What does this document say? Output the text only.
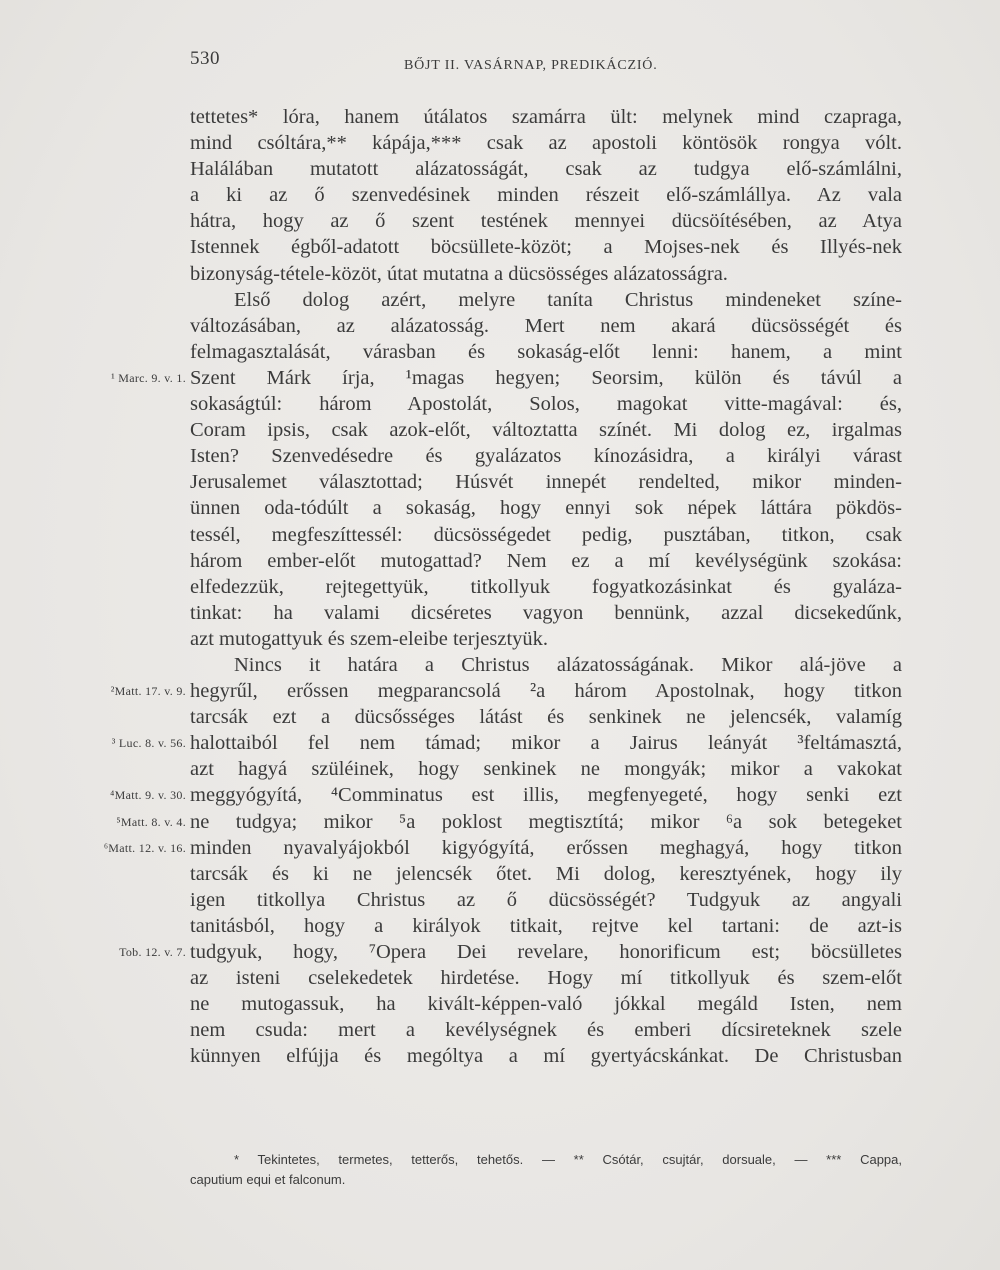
530	BŐJT II. VASÁRNAP, PREDIKÁCZIÓ.
tettetes* lóra, hanem útálatos szamárra ült: melynek mind czapraga,
mind csóltára,** kápája,*** csak az apostoli köntösök rongya vólt.
Halálában mutatott alázatosságát, csak az tudgya elő-számlálni,
a ki az ő szenvedésinek minden részeit elő-számlállya. Az vala
hátra, hogy az ő szent testének mennyei dücsöítésében, az Atya
Istennek égből-adatott böcsüllete-közöt; a Mojses-nek és Illyés-nek
bizonyság-tétele-közöt, útat mutatna a dücsösséges alázatosságra.
Első dolog azért, melyre taníta Christus mindeneket színe-
változásában, az alázatosság. Mert nem akará dücsösségét és
felmagasztalását, várasban és sokaság-előt lenni: hanem, a mint
Szent Márk írja, ¹magas hegyen; Seorsim, külön és távúl a
¹ Marc. 9. v. 1.
sokaságtúl: három Apostolát, Solos, magokat vitte-magával: és,
Coram ipsis, csak azok-előt, változtatta színét. Mi dolog ez, irgalmas
Isten? Szenvedésedre és gyalázatos kínozásidra, a királyi várast
Jerusalemet választottad; Húsvét innepét rendelted, mikor minden-
ünnen oda-tódúlt a sokaság, hogy ennyi sok népek láttára pökdös-
tessél, megfeszíttessél: dücsösségedet pedig, pusztában, titkon, csak
három ember-előt mutogattad? Nem ez a mí kevélységünk szokása:
elfedezzük, rejtegettyük, titkollyuk fogyatkozásinkat és gyaláza-
tinkat: ha valami dicséretes vagyon bennünk, azzal dicsekedűnk,
azt mutogattyuk és szem-eleibe terjesztyük.
Nincs it határa a Christus alázatosságának. Mikor alá-jöve a
hegyrűl, erőssen megparancsolá ²a három Apostolnak, hogy titkon
²Matt. 17. v. 9.
tarcsák ezt a dücsősséges látást és senkinek ne jelencsék, valamíg
halottaiból fel nem támad; mikor a Jairus leányát ³feltámasztá,
³ Luc. 8. v. 56.
azt hagyá szüléinek, hogy senkinek ne mongyák; mikor a vakokat
meggyógyítá, ⁴Comminatus est illis, megfenyegeté, hogy senki ezt
⁴Matt. 9. v. 30.
ne tudgya; mikor ⁵a poklost megtisztítá; mikor ⁶a sok betegeket
⁵Matt. 8. v. 4.
minden nyavalyájokból kigyógyítá, erőssen meghagyá, hogy titkon
⁶Matt. 12. v. 16.
tarcsák és ki ne jelencsék őtet. Mi dolog, keresztyének, hogy ily
igen titkollya Christus az ő dücsösségét? Tudgyuk az angyali
tanitásból, hogy a királyok titkait, rejtve kel tartani: de azt-is
tudgyuk, hogy, ⁷Opera Dei revelare, honorificum est; böcsülletes
Tob. 12. v. 7.
az isteni cselekedetek hirdetése. Hogy mí titkollyuk és szem-előt
ne mutogassuk, ha kivált-képpen-való jókkal megáld Isten, nem
nem csuda: mert a kevélységnek és emberi dícsireteknek szele
künnyen elfújja és mególtya a mí gyertyácskánkat. De Christusban
* Tekintetes, termetes, tetterős, tehetős. — ** Csótár, csujtár, dorsuale, — *** Cappa,
caputium equi et falconum.
